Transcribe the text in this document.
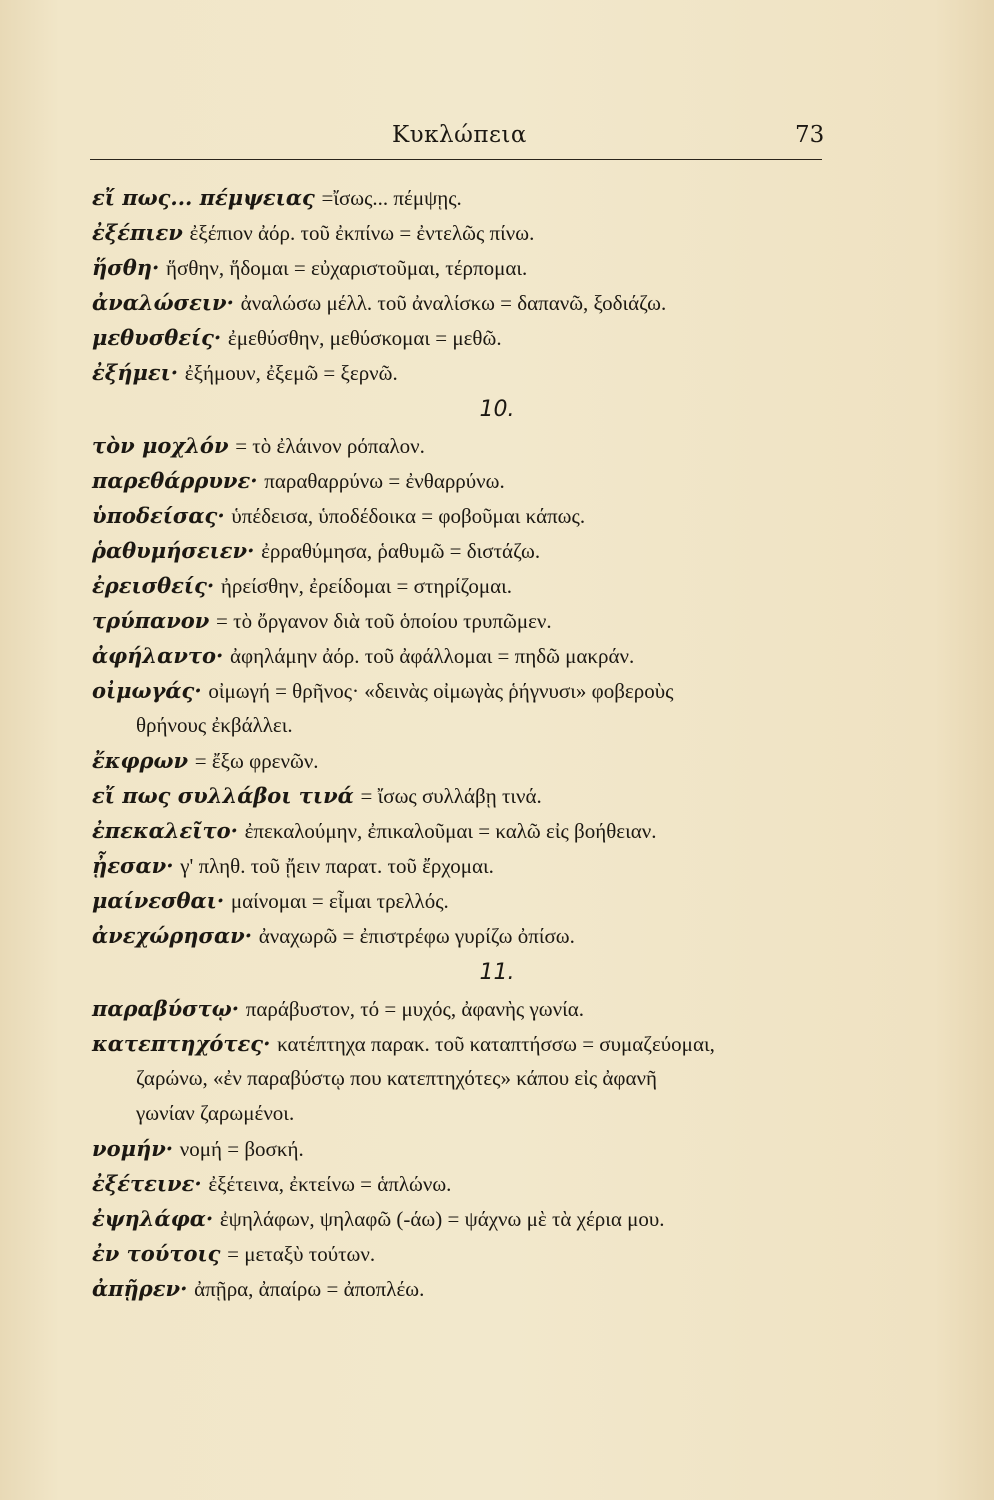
Κυκλώπεια	73
εἴ πως... πέμψειας =ἴσως... πέμψῃς.
ἐξέπιεν ἐξέπιον ἀόρ. τοῦ ἐκπίνω = ἐντελῶς πίνω.
ἥσθη· ἥσθην, ἥδομαι = εὐχαριστοῦμαι, τέρπομαι.
ἀναλώσειν· ἀναλώσω μέλλ. τοῦ ἀναλίσκω = δαπανῶ, ξοδιάζω.
μεθυσθείς· ἐμεθύσθην, μεθύσκομαι = μεθῶ.
ἐξήμει· ἐξήμουν, ἐξεμῶ = ξερνῶ.
10.
τὸν μοχλόν = τὸ ἐλάινον ρόπαλον.
παρεθάρρυνε· παραθαρρύνω = ἐνθαρρύνω.
ὑποδείσας· ὑπέδεισα, ὑποδέδοικα = φοβοῦμαι κάπως.
ῥαθυμήσειεν· ἐρραθύμησα, ῥαθυμῶ = διστάζω.
ἐρεισθείς· ἠρείσθην, ἐρείδομαι = στηρίζομαι.
τρύπανον = τὸ ὄργανον διὰ τοῦ ὁποίου τρυπῶμεν.
ἀφήλαντο· ἀφηλάμην ἀόρ. τοῦ ἀφάλλομαι = πηδῶ μακράν.
οἰμωγάς· οἰμωγή = θρῆνος· «δεινὰς οἰμωγὰς ῥήγνυσι» φοβεροὺς
θρήνους ἐκβάλλει.
ἔκφρων = ἔξω φρενῶν.
εἴ πως συλλάβοι τινά = ἴσως συλλάβῃ τινά.
ἐπεκαλεῖτο· ἐπεκαλούμην, ἐπικαλοῦμαι = καλῶ εἰς βοήθειαν.
ᾖεσαν· γ' πληθ. τοῦ ᾔειν παρατ. τοῦ ἔρχομαι.
μαίνεσθαι· μαίνομαι = εἶμαι τρελλός.
ἀνεχώρησαν· ἀναχωρῶ = ἐπιστρέφω γυρίζω ὀπίσω.
11.
παραβύστῳ· παράβυστον, τό = μυχός, ἀφανὴς γωνία.
κατεπτηχότες· κατέπτηχα παρακ. τοῦ καταπτήσσω = συμαζεύομαι,
ζαρώνω, «ἐν παραβύστῳ που κατεπτηχότες» κάπου εἰς ἀφανῆ
γωνίαν ζαρωμένοι.
νομήν· νομή = βοσκή.
ἐξέτεινε· ἐξέτεινα, ἐκτείνω = ἁπλώνω.
ἐψηλάφα· ἐψηλάφων, ψηλαφῶ (-άω) = ψάχνω μὲ τὰ χέρια μου.
ἐν τούτοις = μεταξὺ τούτων.
ἀπῇρεν· ἀπῇρα, ἀπαίρω = ἀποπλέω.
